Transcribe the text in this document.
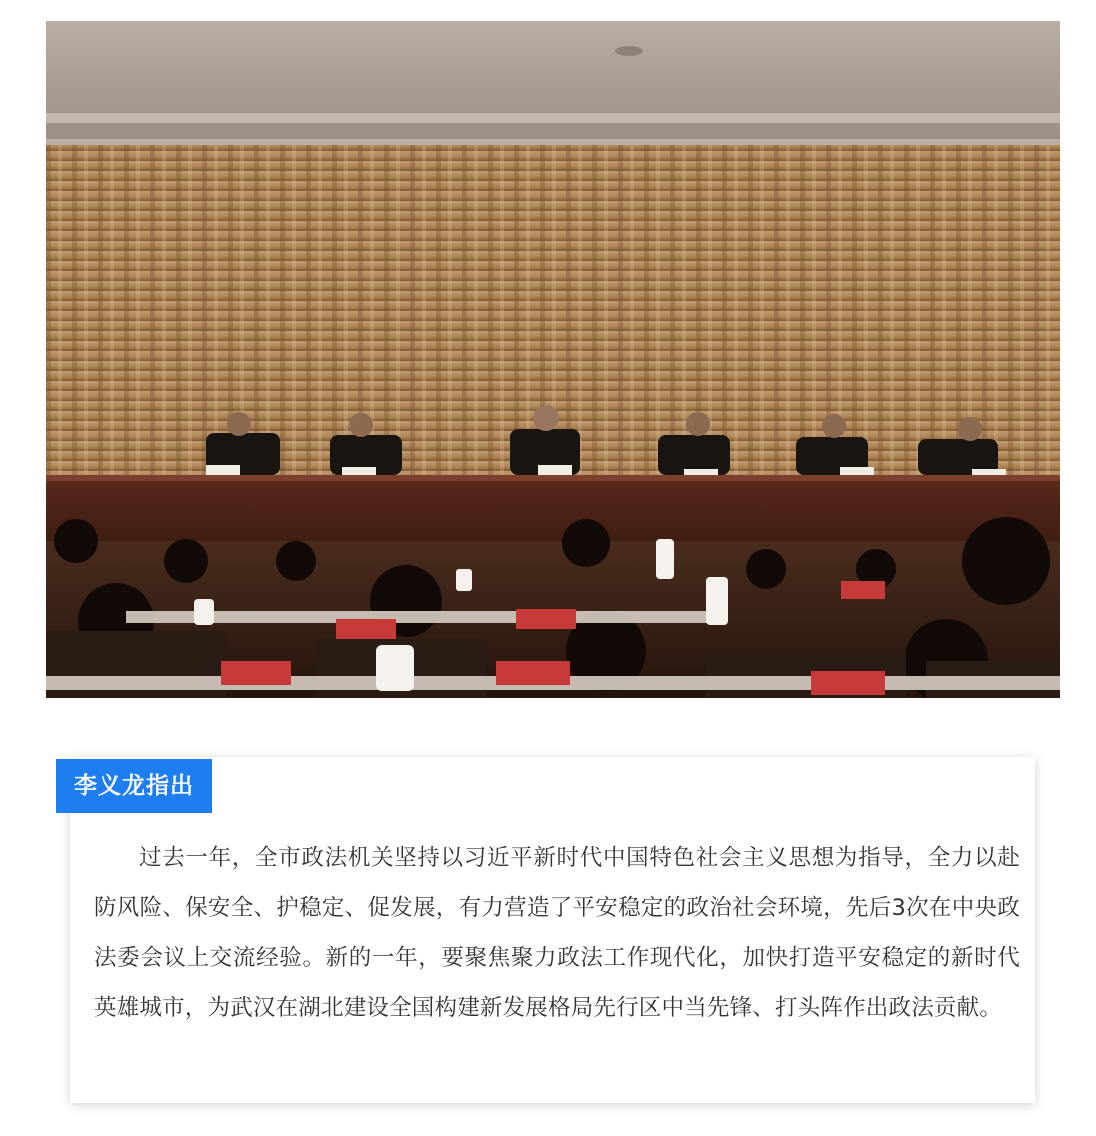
李义龙指出

过去一年，全市政法机关坚持以习近平新时代中国特色社会主义思想为指导，全力以赴防风险、保安全、护稳定、促发展，有力营造了平安稳定的政治社会环境，先后3次在中央政法委会议上交流经验。新的一年，要聚焦聚力政法工作现代化，加快打造平安稳定的新时代英雄城市，为武汉在湖北建设全国构建新发展格局先行区中当先锋、打头阵作出政法贡献。
